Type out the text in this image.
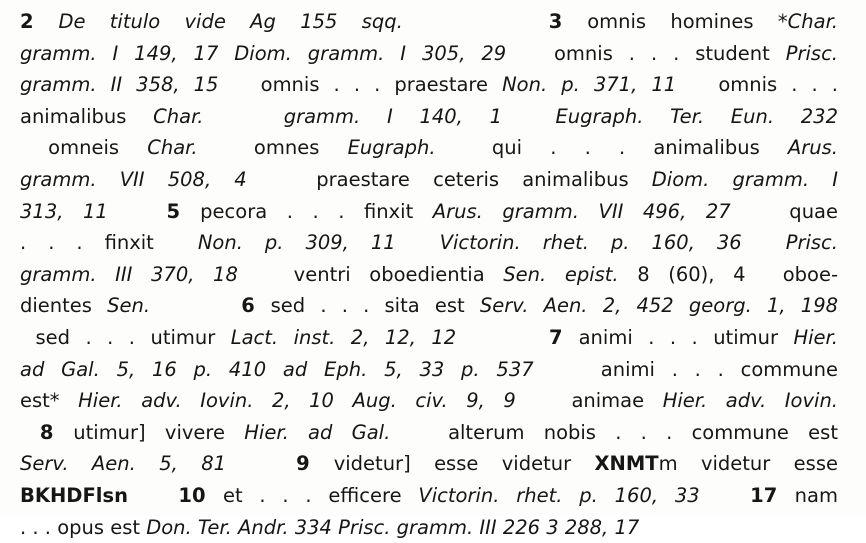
2 De titulo vide Ag 155 sqq.	3 omnis homines *Char.
gramm. I 149, 17 Diom. gramm. I 305, 29   omnis . . . student Prisc.
gramm. II 358, 15   omnis . . . praestare Non. p. 371, 11   omnis . . .
animalibus Char.	gramm. I 140, 1  Eugraph. Ter. Eun. 232
omneis Char.  omnes Eugraph.  qui . . . animalibus Arus.
gramm. VII 508, 4   praestare ceteris animalibus Diom. gramm. I
313, 11	5 pecora . . . finxit Arus. gramm. VII 496, 27   quae
. . . finxit  Non. p. 309, 11  Victorin. rhet. p. 160, 36  Prisc.
gramm. III 370, 18   ventri oboedientia Sen. epist. 8 (60), 4  oboe-
dientes Sen.	6 sed . . . sita est Serv. Aen. 2, 452 georg. 1, 198
sed . . . utimur Lact. inst. 2, 12, 12	7 animi . . . utimur Hier.
ad Gal. 5, 16 p. 410 ad Eph. 5, 33 p. 537    animi . . . commune
est* Hier. adv. Iovin. 2, 10 Aug. civ. 9, 9   animae Hier. adv. Iovin.
8 utimur] vivere Hier. ad Gal.   alterum nobis . . . commune est
Serv. Aen. 5, 81	9 videtur] esse videtur XNMTm videtur esse
BKHDFlsn	10 et . . . efficere Victorin. rhet. p. 160, 33	17 nam
. . . opus est Don. Ter. Andr. 334 Prisc. gramm. III 226 3 288, 17
